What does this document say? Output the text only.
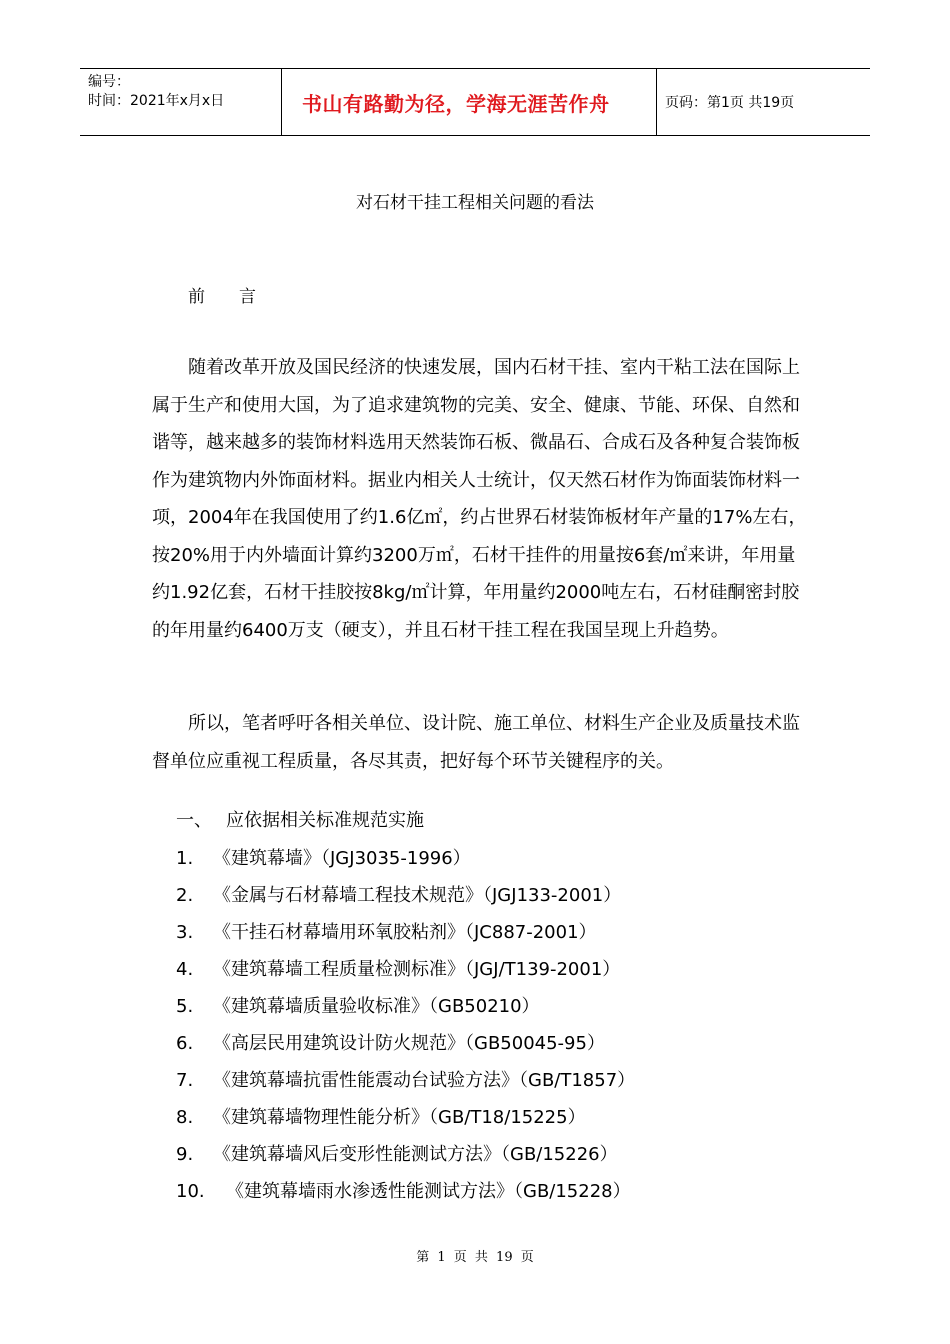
编号：
时间：2021年x月x日	书山有路勤为径，学海无涯苦作舟	页码：第1页 共19页
对石材干挂工程相关问题的看法
前言

随着改革开放及国民经济的快速发展，国内石材干挂、室内干粘工法在国际上属于生产和使用大国，为了追求建筑物的完美、安全、健康、节能、环保、自然和谐等，越来越多的装饰材料选用天然装饰石板、微晶石、合成石及各种复合装饰板作为建筑物内外饰面材料。据业内相关人士统计，仅天然石材作为饰面装饰材料一项，2004年在我国使用了约1.6亿㎡，约占世界石材装饰板材年产量的17%左右，按20%用于内外墙面计算约3200万㎡，石材干挂件的用量按6套/㎡来讲，年用量约1.92亿套，石材干挂胶按8kg/㎡计算，年用量约2000吨左右，石材硅酮密封胶的年用量约6400万支（硬支），并且石材干挂工程在我国呈现上升趋势。

所以，笔者呼吁各相关单位、设计院、施工单位、材料生产企业及质量技术监督单位应重视工程质量，各尽其责，把好每个环节关键程序的关。

一、 应依据相关标准规范实施
1.	《建筑幕墙》（JGJ3035-1996）
2.	《金属与石材幕墙工程技术规范》（JGJ133-2001）
3.	《干挂石材幕墙用环氧胶粘剂》（JC887-2001）
4.	《建筑幕墙工程质量检测标准》（JGJ/T139-2001）
5.	《建筑幕墙质量验收标准》（GB50210）
6.	《高层民用建筑设计防火规范》（GB50045-95）
7.	《建筑幕墙抗雷性能震动台试验方法》（GB/T1857）
8.	《建筑幕墙物理性能分析》（GB/T18/15225）
9.	《建筑幕墙风后变形性能测试方法》（GB/15226）
10.	《建筑幕墙雨水渗透性能测试方法》（GB/15228）
第 1 页 共 19 页
